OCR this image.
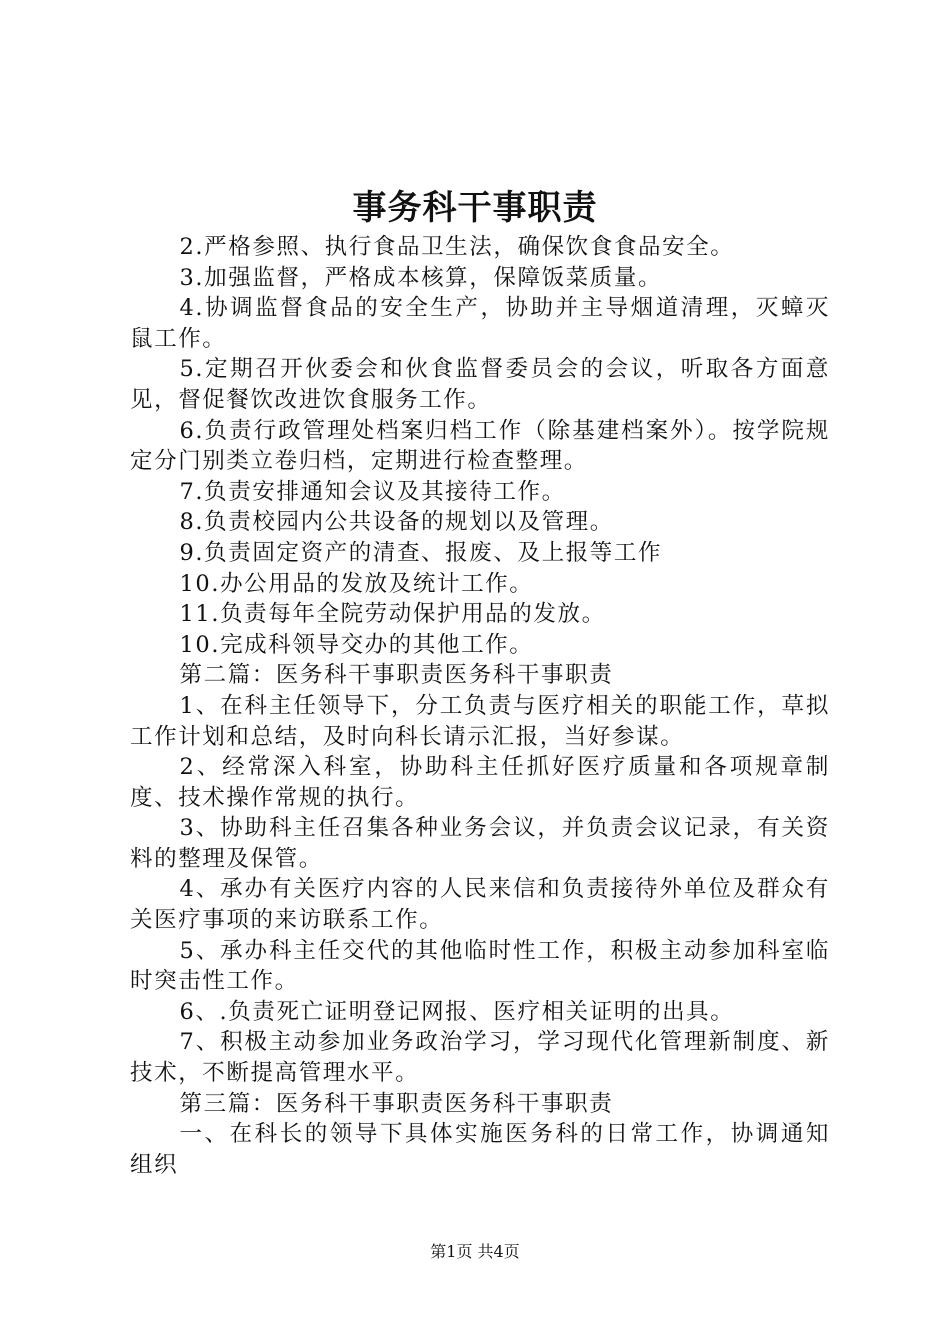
事务科干事职责

2.严格参照、执行食品卫生法，确保饮食食品安全。

3.加强监督，严格成本核算，保障饭菜质量。

4.协调监督食品的安全生产，协助并主导烟道清理，灭蟑灭鼠工作。

5.定期召开伙委会和伙食监督委员会的会议，听取各方面意见，督促餐饮改进饮食服务工作。

6.负责行政管理处档案归档工作（除基建档案外）。按学院规定分门别类立卷归档，定期进行检查整理。

7.负责安排通知会议及其接待工作。

8.负责校园内公共设备的规划以及管理。

9.负责固定资产的清查、报废、及上报等工作

10.办公用品的发放及统计工作。

11.负责每年全院劳动保护用品的发放。

10.完成科领导交办的其他工作。

第二篇：医务科干事职责医务科干事职责

1、在科主任领导下，分工负责与医疗相关的职能工作，草拟工作计划和总结，及时向科长请示汇报，当好参谋。

2、经常深入科室，协助科主任抓好医疗质量和各项规章制度、技术操作常规的执行。

3、协助科主任召集各种业务会议，并负责会议记录，有关资料的整理及保管。

4、承办有关医疗内容的人民来信和负责接待外单位及群众有关医疗事项的来访联系工作。

5、承办科主任交代的其他临时性工作，积极主动参加科室临时突击性工作。

6、.负责死亡证明登记网报、医疗相关证明的出具。

7、积极主动参加业务政治学习，学习现代化管理新制度、新技术，不断提高管理水平。

第三篇：医务科干事职责医务科干事职责

一、在科长的领导下具体实施医务科的日常工作，协调通知组织

第1页 共4页
